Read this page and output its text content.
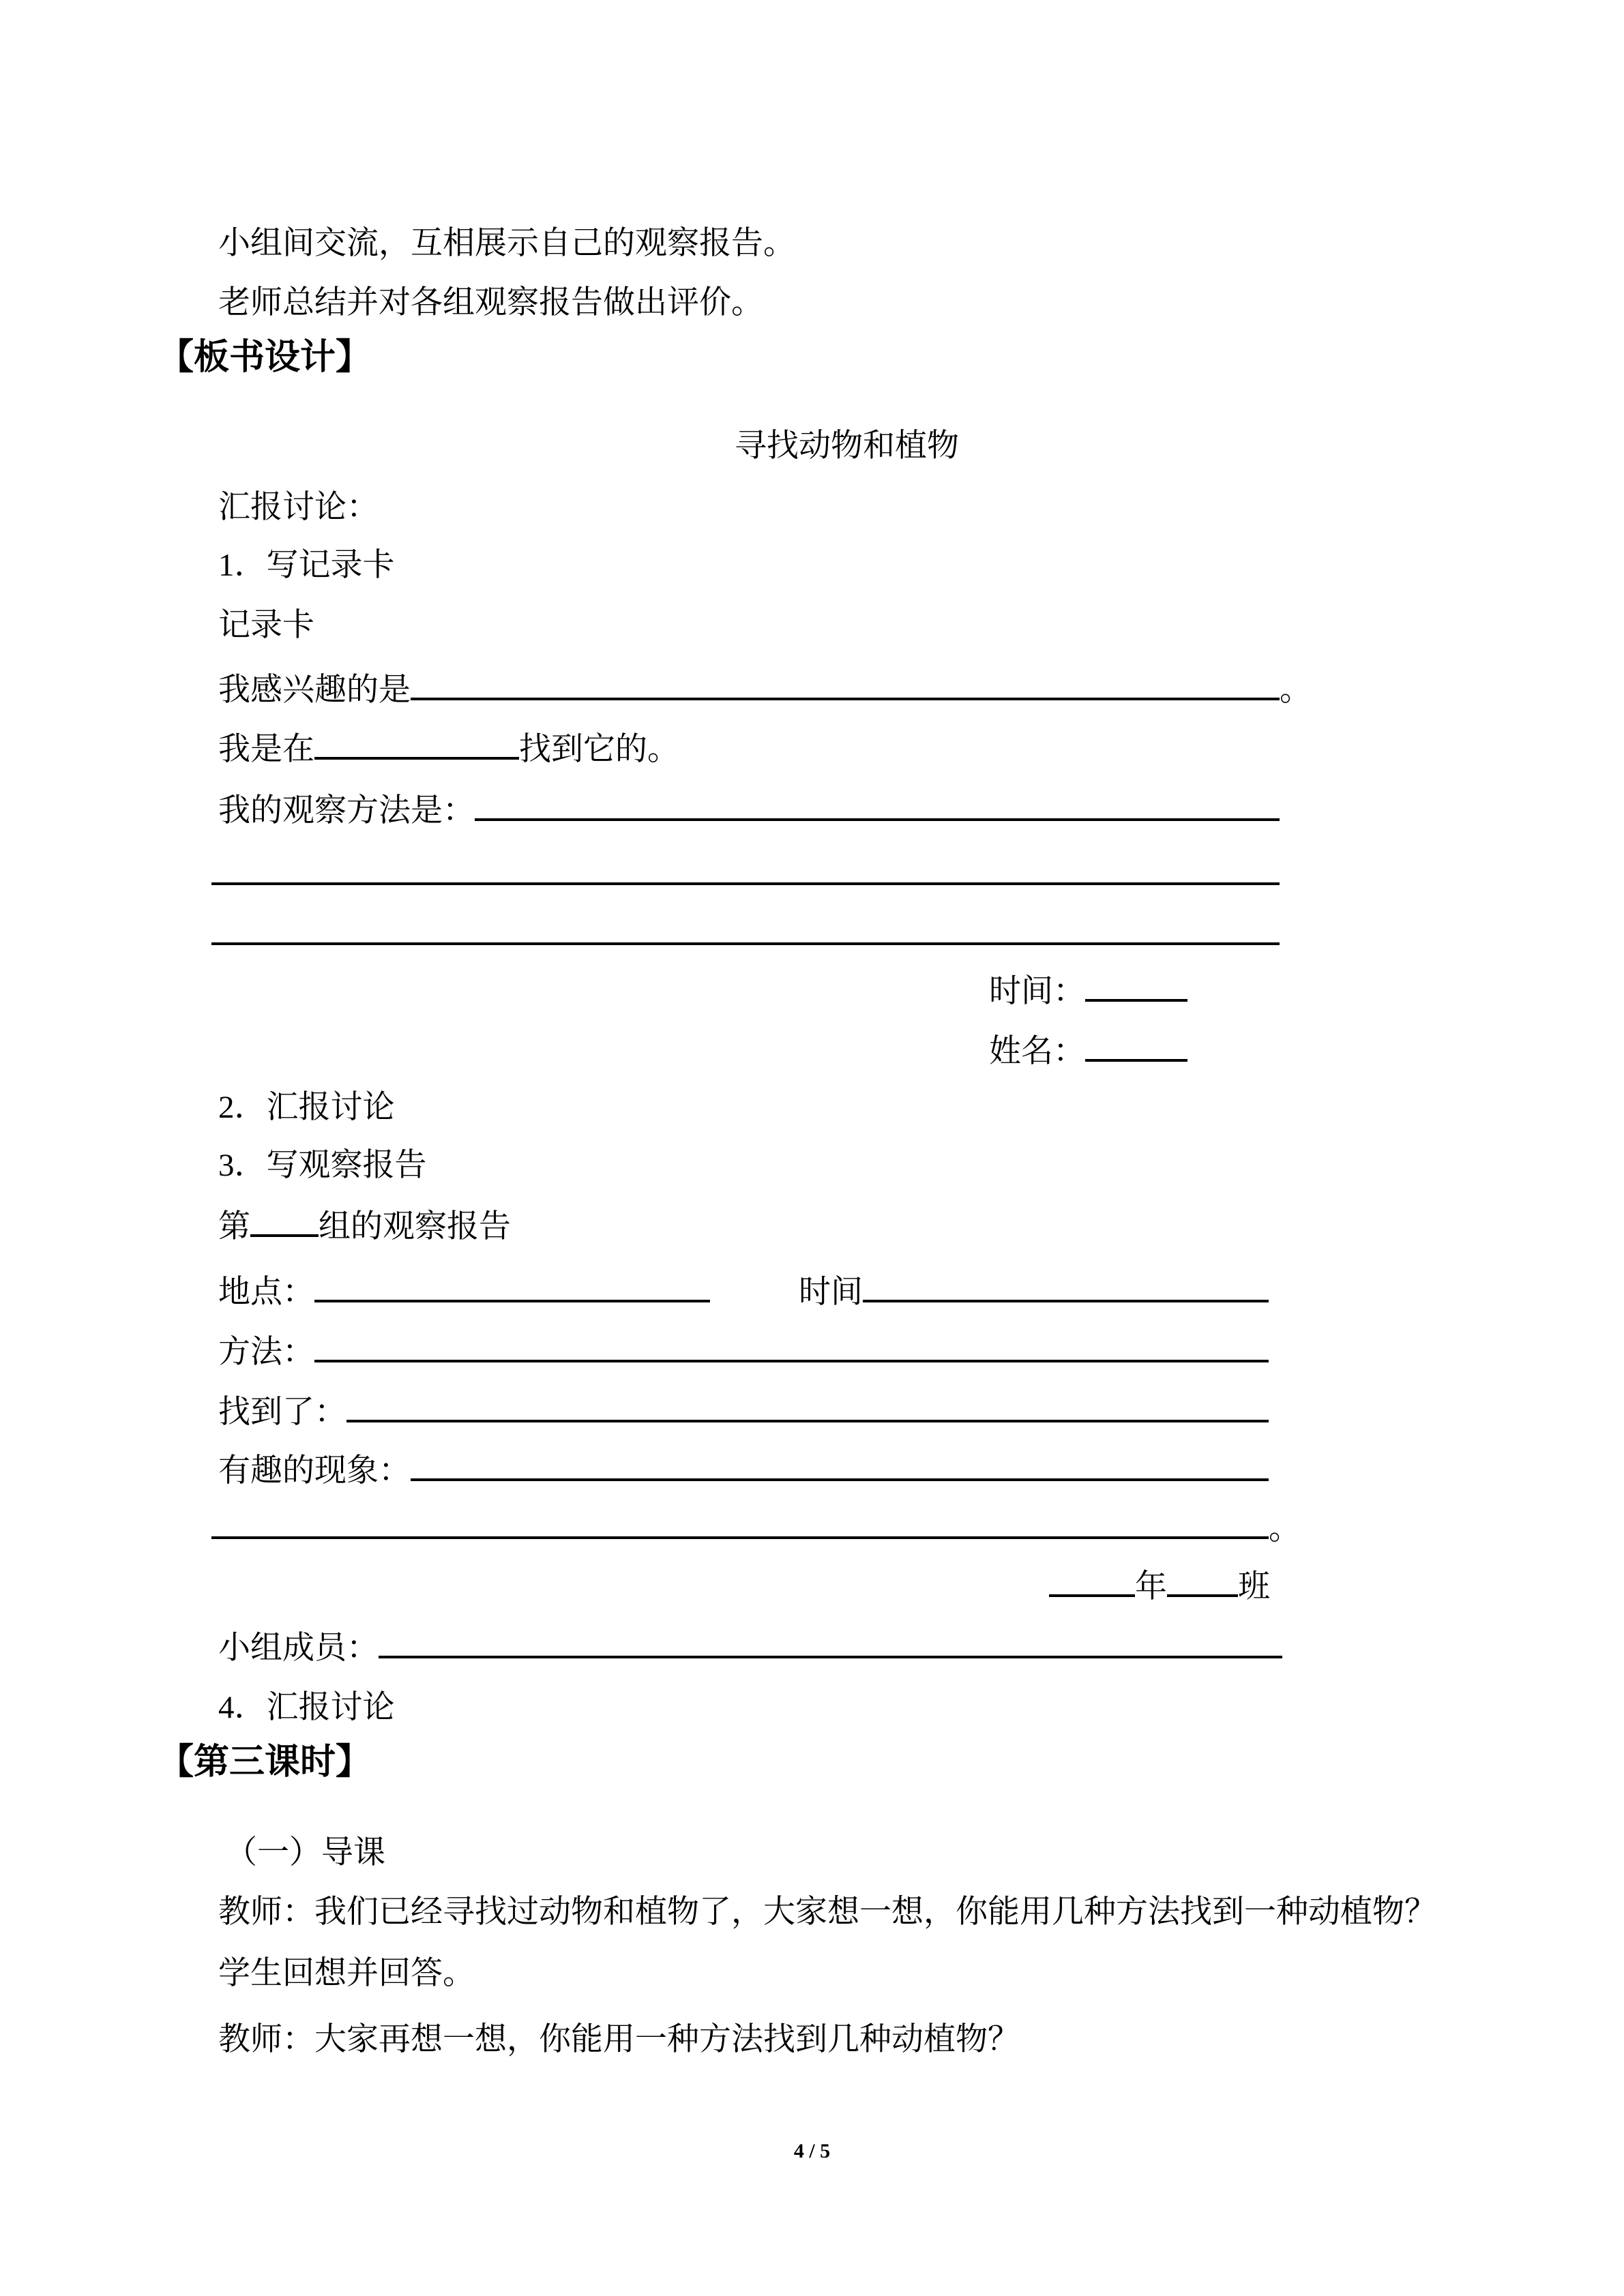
小组间交流，互相展示自己的观察报告。
老师总结并对各组观察报告做出评价。
【板书设计】
寻找动物和植物
汇报讨论：
1．写记录卡
记录卡
我感兴趣的是	。
我是在	找到它的。
我的观察方法是：
时间：
姓名：
2．汇报讨论
3．写观察报告
第 组的观察报告
地点：	时间
方法：
找到了：
有趣的现象：
。
年 班
小组成员：
4．汇报讨论
【第三课时】
（一）导课
教师：我们已经寻找过动物和植物了，大家想一想，你能用几种方法找到一种动植物？
学生回想并回答。
教师：大家再想一想，你能用一种方法找到几种动植物？
4 / 5
